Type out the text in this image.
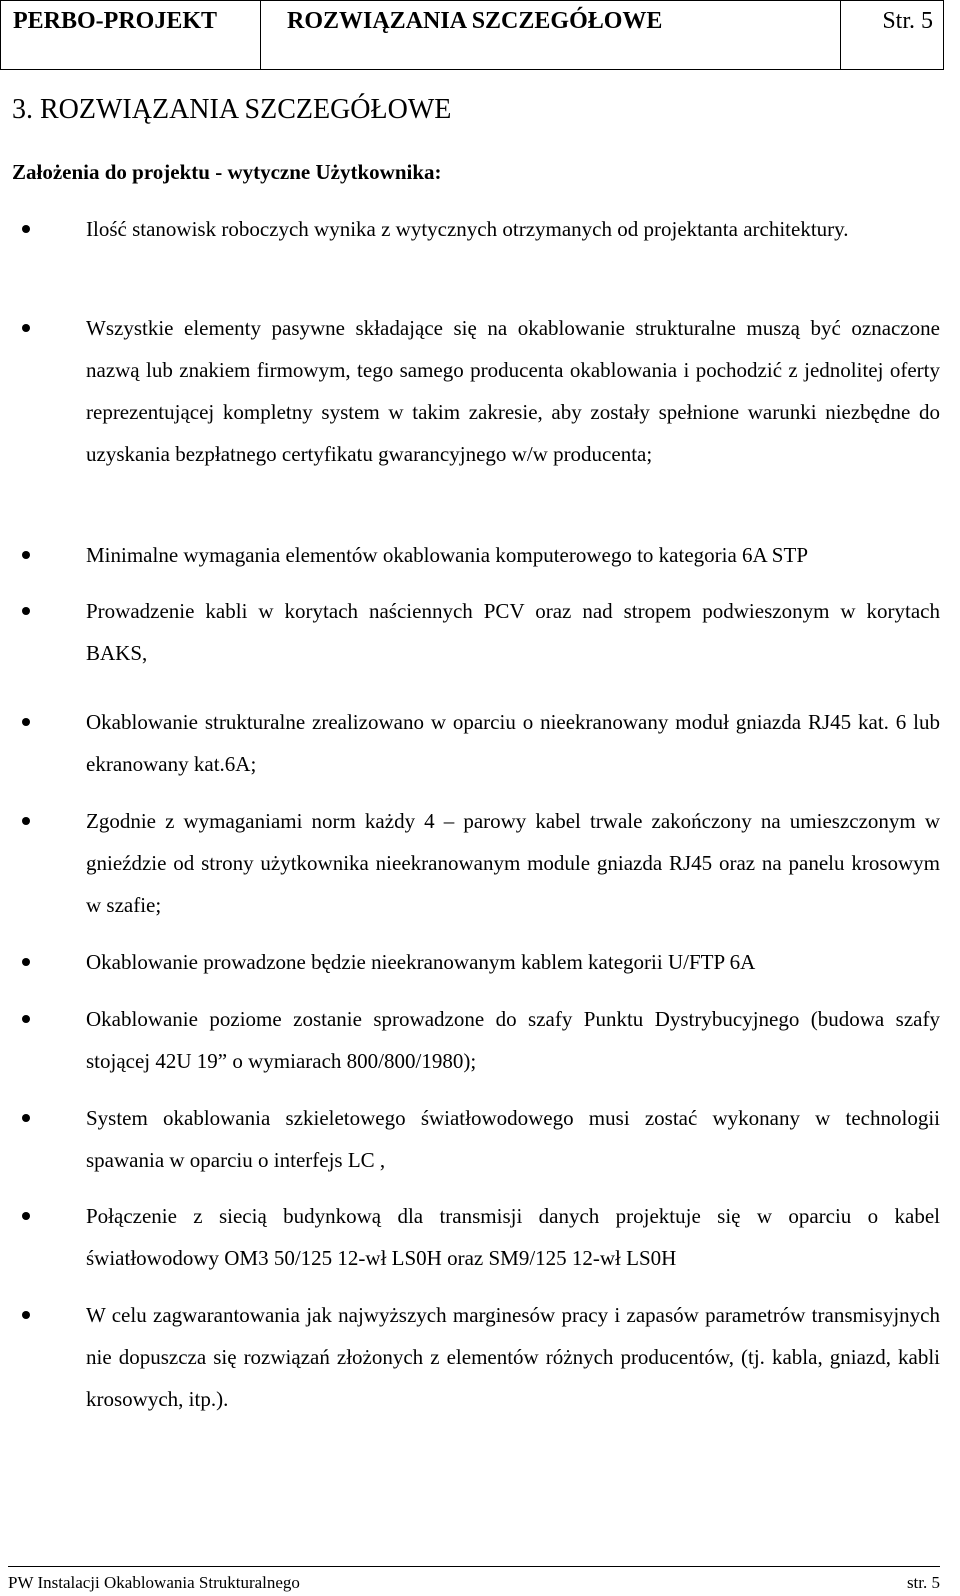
PERBO-PROJEKT	ROZWIĄZANIA SZCZEGÓŁOWE	Str. 5
3. ROZWIĄZANIA SZCZEGÓŁOWE
Założenia do projektu - wytyczne Użytkownika:
Ilość stanowisk roboczych wynika z wytycznych otrzymanych od projektanta architektury.
Wszystkie elementy pasywne składające się na okablowanie strukturalne muszą być oznaczone nazwą lub znakiem firmowym, tego samego producenta okablowania i pochodzić z jednolitej oferty reprezentującej kompletny system w takim zakresie, aby zostały spełnione warunki niezbędne do uzyskania bezpłatnego certyfikatu gwarancyjnego w/w producenta;
Minimalne wymagania elementów okablowania komputerowego to kategoria 6A STP
Prowadzenie kabli w korytach naściennych PCV oraz nad stropem podwieszonym w korytach BAKS,
Okablowanie strukturalne zrealizowano w oparciu o nieekranowany moduł gniazda RJ45 kat. 6 lub ekranowany kat.6A;
Zgodnie z wymaganiami norm każdy 4 – parowy kabel trwale zakończony na umieszczonym w gnieździe od strony użytkownika nieekranowanym module gniazda RJ45 oraz na panelu krosowym w szafie;
Okablowanie prowadzone będzie nieekranowanym kablem kategorii U/FTP 6A
Okablowanie poziome zostanie sprowadzone do szafy Punktu Dystrybucyjnego (budowa szafy stojącej 42U 19” o wymiarach 800/800/1980);
System okablowania szkieletowego światłowodowego musi zostać wykonany w technologii spawania w oparciu o interfejs LC ,
Połączenie z siecią budynkową dla transmisji danych projektuje się w oparciu o kabel światłowodowy OM3 50/125 12-wł LS0H oraz SM9/125 12-wł LS0H
W celu zagwarantowania jak najwyższych marginesów pracy i zapasów parametrów transmisyjnych nie dopuszcza się rozwiązań złożonych z elementów różnych producentów, (tj. kabla, gniazd, kabli krosowych, itp.).
PW Instalacji Okablowania Strukturalnego	str. 5
